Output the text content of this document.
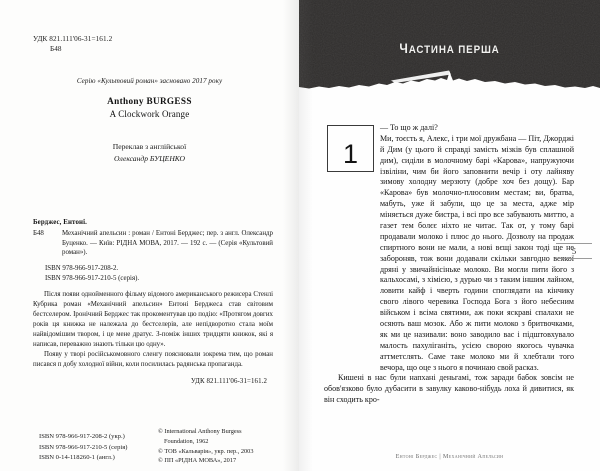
УДК 821.111'06-31=161.2
Б48
Серію «Культовий роман» засновано 2017 року
Anthony BURGESS
A Clockwork Orange
Переклав з англійської
Олександр БУЦЕНКО
Берджес, Ентоні.
Б48	Механічний апельсин : роман / Ентоні Берджес; пер. з англ. Олександр Буценко. — Київ: РІДНА МОВА, 2017. — 192 с. — (Серія «Культовий роман»).
ISBN 978-966-917-208-2.
ISBN 978-966-917-210-5 (серія).

Після появи однойменного фільму відомого американського режисера Стенлі Кубрика роман «Механічний апельсин» Ентоні Берджеса став світовим бестселером. Іронічний Берджес так прокоментував цю подію: «Протягом довгих років ця книжка не належала до бестселерів, але непідворотно стала моїм найвідомішим твором, і це мене дратує. З-поміж інших тридцяти книжок, які я написав, переважно знають тільки цю одну».

Появу у творі російськомовного сленгу пояснювали зокрема тим, що роман писався п добу холодної війни, коли посилилась радянська пропаганда.

УДК 821.111'06-31=161.2
ISBN 978-966-917-208-2 (укр.)
ISBN 978-966-917-210-5 (серія)
ISBN 0-14-118260-1 (англ.)
© International Anthony Burgess
Foundation, 1962
© ТОВ «Кальварія», укр. пер., 2003
© ПП «РІДНА МОВА», 2017
ЧАСТИНА ПЕРША
1

— То що ж далі?

Ми, тоєсть я, Алекс, і три мої дружбана — Піт, Джорджі й Дим (у цього й справді замість мізків був сплашной дим), сиділи в молочному барі «Карова», напружуючи ізвіліни, чим би його заповнити вечір і оту лайняву зимову холодну мерзюту (добре хоч без дощу). Бар «Карова» був молочно-плюсовим местам; ви, братва, мабуть, уже й забули, що це за места, адже мір міняється дуже бистра, і всі про все забувають миттю, а газет тем болєє ніхто не читає. Так от, у тому барі продавали молоко і плюс до нього. Дозволу на продаж спиртного вони не мали, а нові вєщі закон тоді ще не забороняв, тож вони додавали скільки завгодно всякої дряні у звичайнісіньке молоко. Ви могли пити його з кальхосамі, з хімією, з дурью чи з таким іншим лайном, ловити кайф і чверть години споглядати на кінчику свого лівого черевика Господа Бога з його небесним військом і всіма святими, аж поки яскраві спалахи не осяють ваш мозок. Або ж пити молоко з бритвочками, як ми це називали: воно заводило вас і підштовхувало малость пахуліганіть, усією сворою якогось чувачка аттметслять. Саме таке молоко ми й хлебтали того вечора, що оце з нього я починаю свой расказ.

Кишені в нас були напхані деньгамі, тож заради бабок зовсім не обов'язково було дубасити в завулку каково-нібудь лоха й дивитися, як він сходить кро-

5
Ентоні Берджес | Механічний Апельсин
